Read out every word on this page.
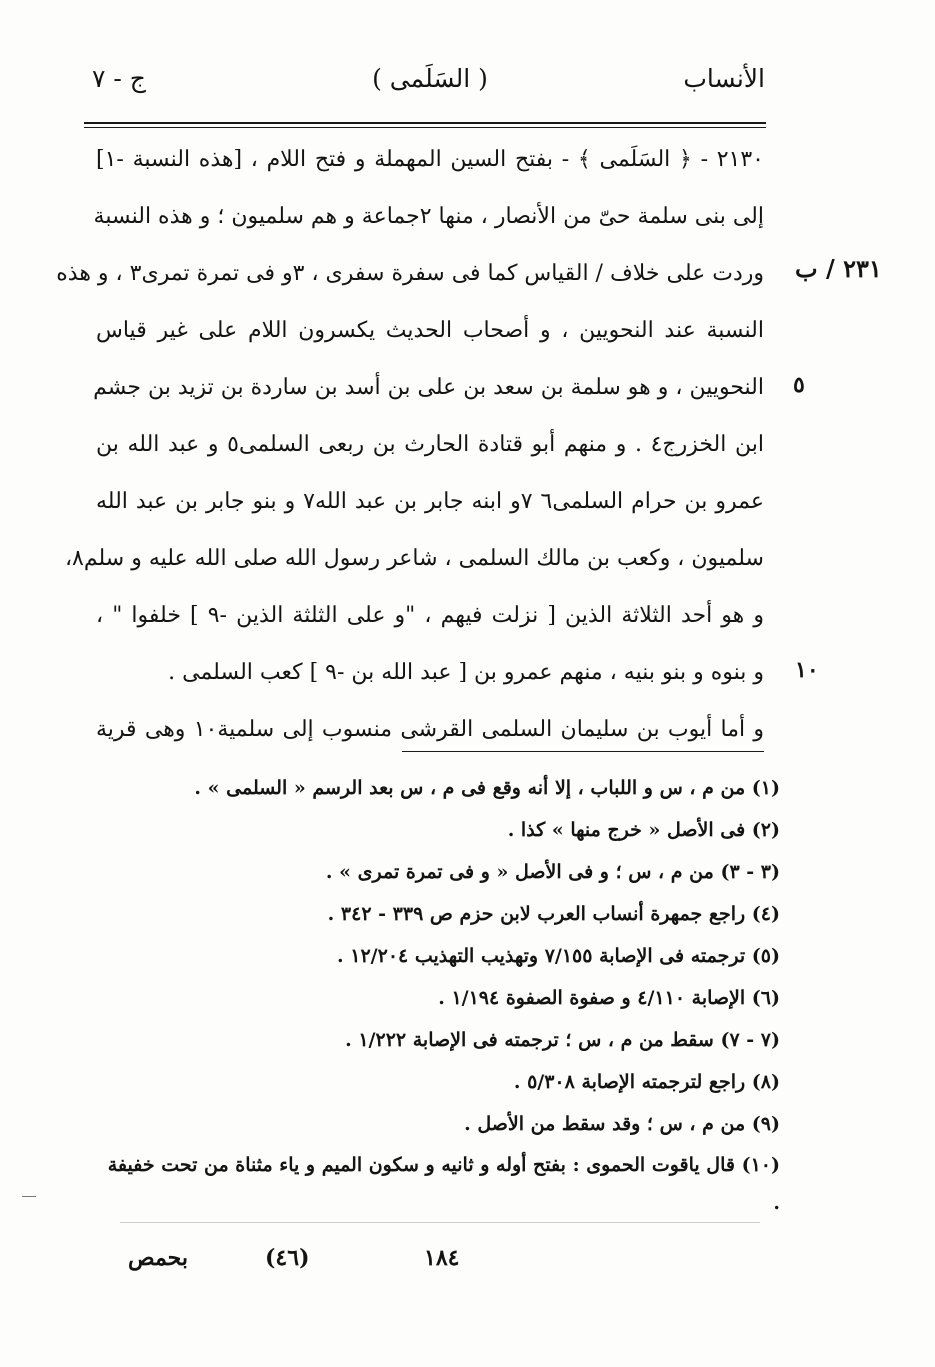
الأنساب
( السَلَمى )
ج - ٧
٢٣١ / ب
٥
١٠
٢١٣٠ - ﴿ السَلَمى ﴾ - بفتح السين المهملة و فتح اللام ، [هذه النسبة -١]
إلى بنى سلمة حىّ من الأنصار ، منها ٢جماعة و هم سلميون ؛ و هذه النسبة
وردت على خلاف / القياس كما فى سفرة سفرى ، ٣و فى تمرة تمرى٣ ، و هذه
النسبة عند النحويين ، و أصحاب الحديث يكسرون اللام على غير قياس
النحويين ، و هو سلمة بن سعد بن على بن أسد بن ساردة بن تزيد بن جشم
ابن الخزرج٤ . و منهم أبو قتادة الحارث بن ربعى السلمى٥ و عبد الله بن
عمرو بن حرام السلمى٦ ٧و ابنه جابر بن عبد الله٧ و بنو جابر بن عبد الله
سلميون ، وكعب بن مالك السلمى ، شاعر رسول الله صلى الله عليه و سلم٨،
و هو أحد الثلاثة الذين [ نزلت فيهم ، "و على الثلثة الذين -٩ ] خلفوا " ،
و بنوه و بنو بنيه ، منهم عمرو بن [ عبد الله بن -٩ ] كعب السلمى .
و أما أيوب بن سليمان السلمى القرشى منسوب إلى سلمية١٠ وهى قرية
(١) من م ، س و اللباب ، إلا أنه وقع فى م ، س بعد الرسم « السلمى » .
(٢) فى الأصل « خرج منها » كذا .
(٣ - ٣) من م ، س ؛ و فى الأصل « و فى تمرة تمرى » .
(٤) راجع جمهرة أنساب العرب لابن حزم ص ٣٣٩ - ٣٤٢ .
(٥) ترجمته فى الإصابة ٧/١٥٥ وتهذيب التهذيب ١٢/٢٠٤ .
(٦) الإصابة ٤/١١٠ و صفوة الصفوة ١/١٩٤ .
(٧ - ٧) سقط من م ، س ؛ ترجمته فى الإصابة ١/٢٢٢ .
(٨) راجع لترجمته الإصابة ٥/٣٠٨ .
(٩) من م ، س ؛ وقد سقط من الأصل .
(١٠) قال ياقوت الحموى : بفتح أوله و ثانيه و سكون الميم و ياء مثناة من تحت خفيفة .
١٨٤
(٤٦)
بحمص
